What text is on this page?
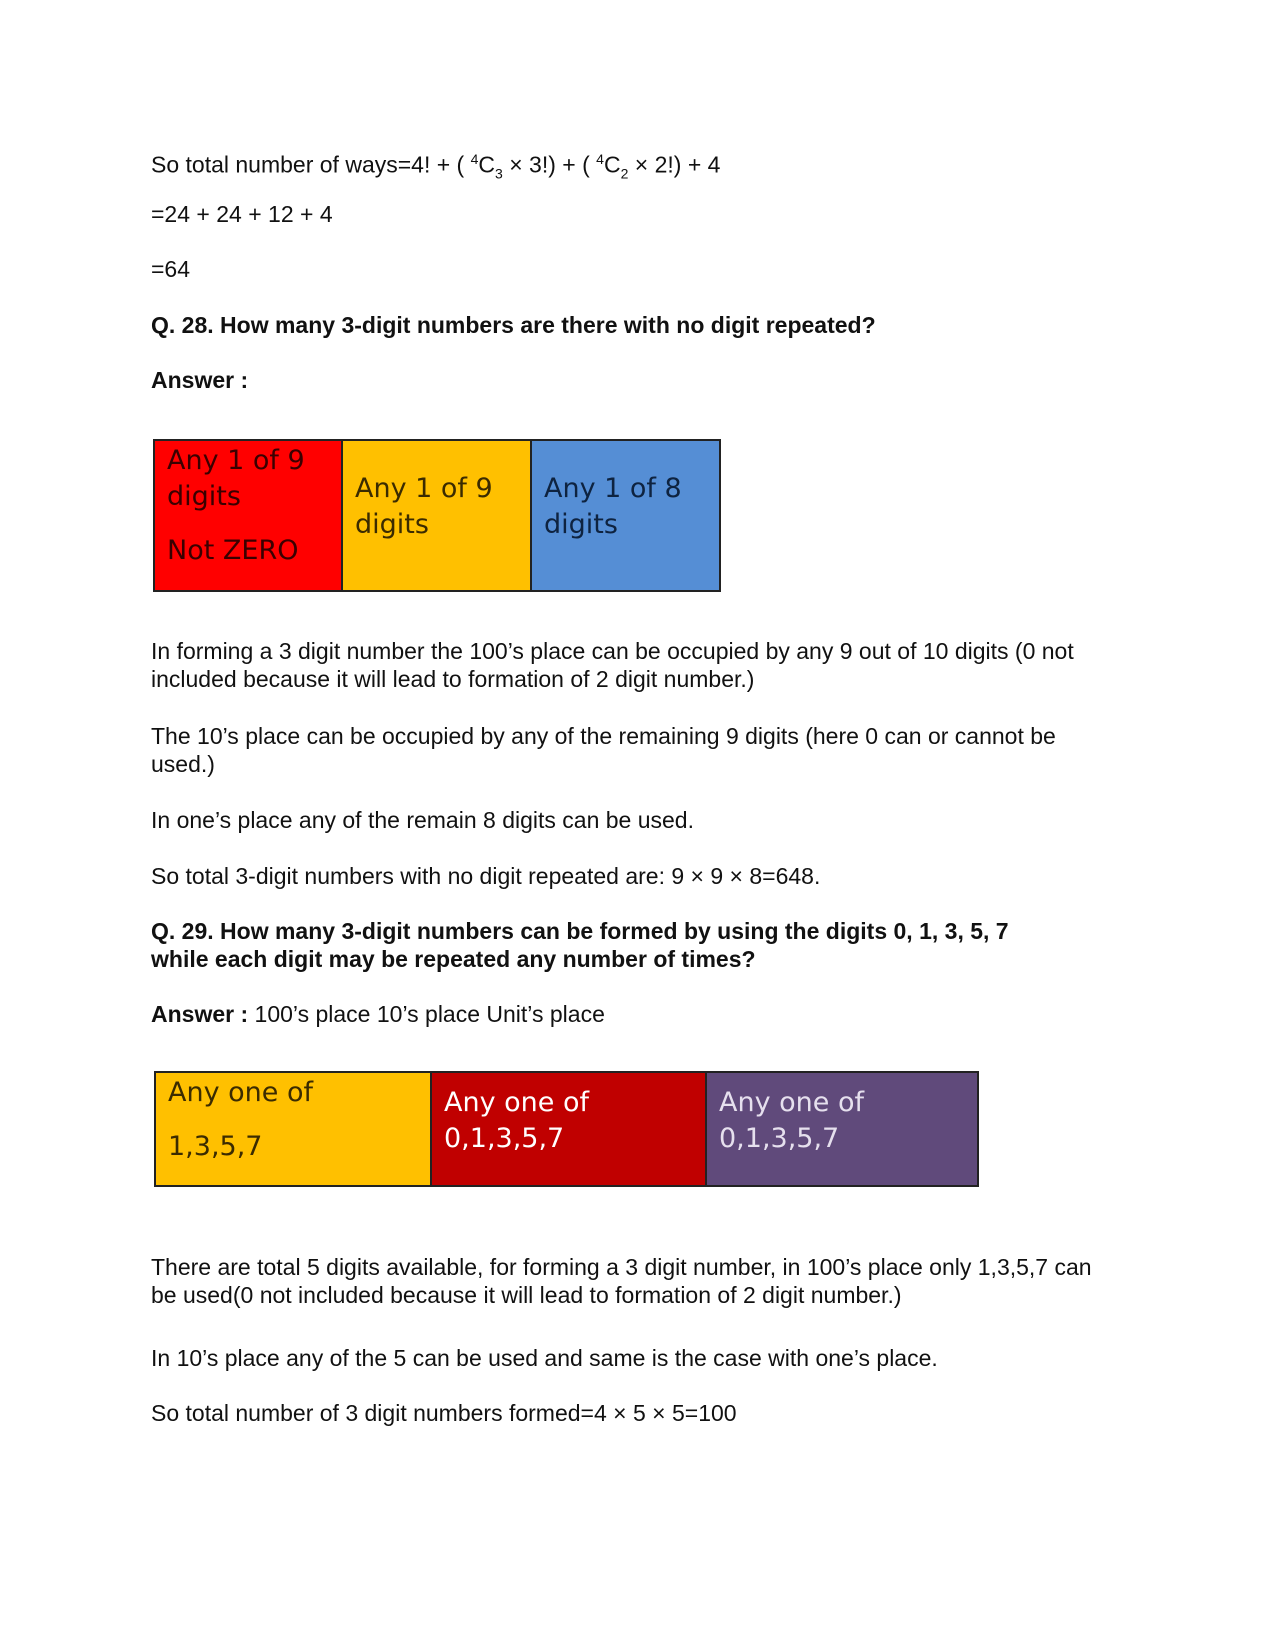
So total number of ways=4! + ( $^4C_3 \times 3$!) + ( $^4C_2 \times 2!) + 4$
=24 + 24 + 12 + 4
=64
Q. 28. How many 3-digit numbers are there with no digit repeated?
Answer :
Any 1 of 9
digits
Not ZERO
Any 1 of 9
digits
Any 1 of 8
digits
In forming a 3 digit number the 100’s place can be occupied by any 9 out of 10 digits (0 not included because it will lead to formation of 2 digit number.)
The 10’s place can be occupied by any of the remaining 9 digits (here 0 can or cannot be used.)
In one’s place any of the remain 8 digits can be used.
So total 3-digit numbers with no digit repeated are: 9 × 9 × 8=648.
Q. 29. How many 3-digit numbers can be formed by using the digits 0, 1, 3, 5, 7
while each digit may be repeated any number of times?
Answer : 100’s place 10’s place Unit’s place
Any one of
1,3,5,7
Any one of
0,1,3,5,7
Any one of
0,1,3,5,7
There are total 5 digits available, for forming a 3 digit number, in 100’s place only 1,3,5,7 can be used(0 not included because it will lead to formation of 2 digit number.)
In 10’s place any of the 5 can be used and same is the case with one’s place.
So total number of 3 digit numbers formed=4 × 5 × 5=100
